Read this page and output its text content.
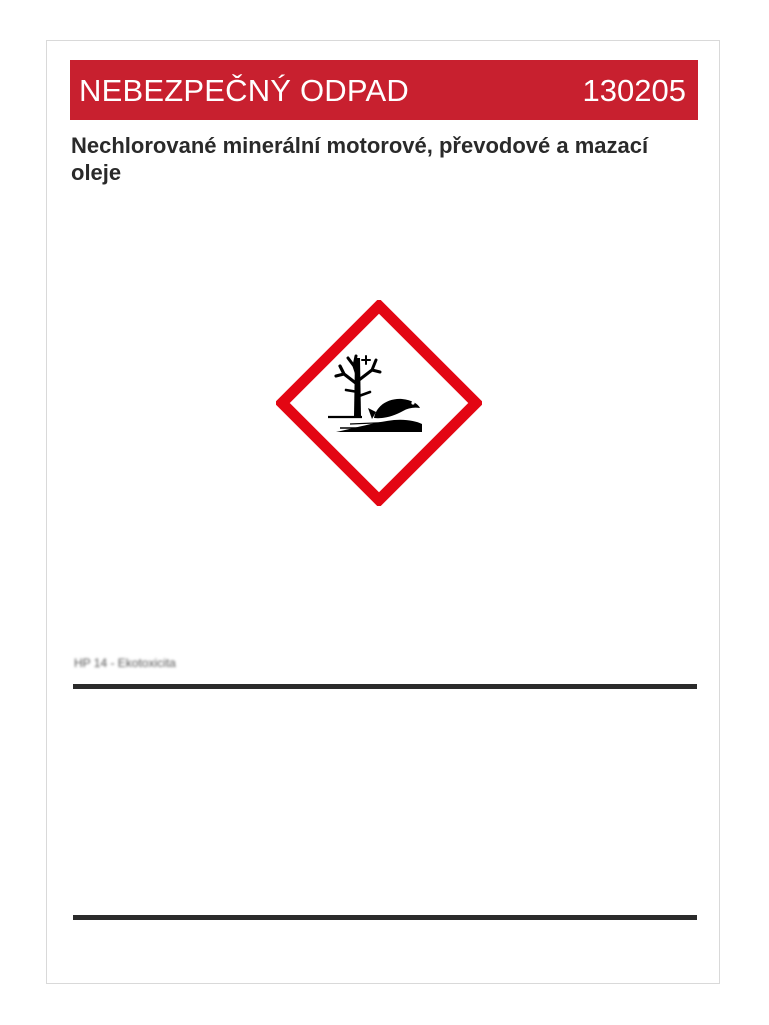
NEBEZPEČNÝ ODPAD	130205

Nechlorované minerální motorové, převodové a mazací oleje

HP 14 - Ekotoxicita
